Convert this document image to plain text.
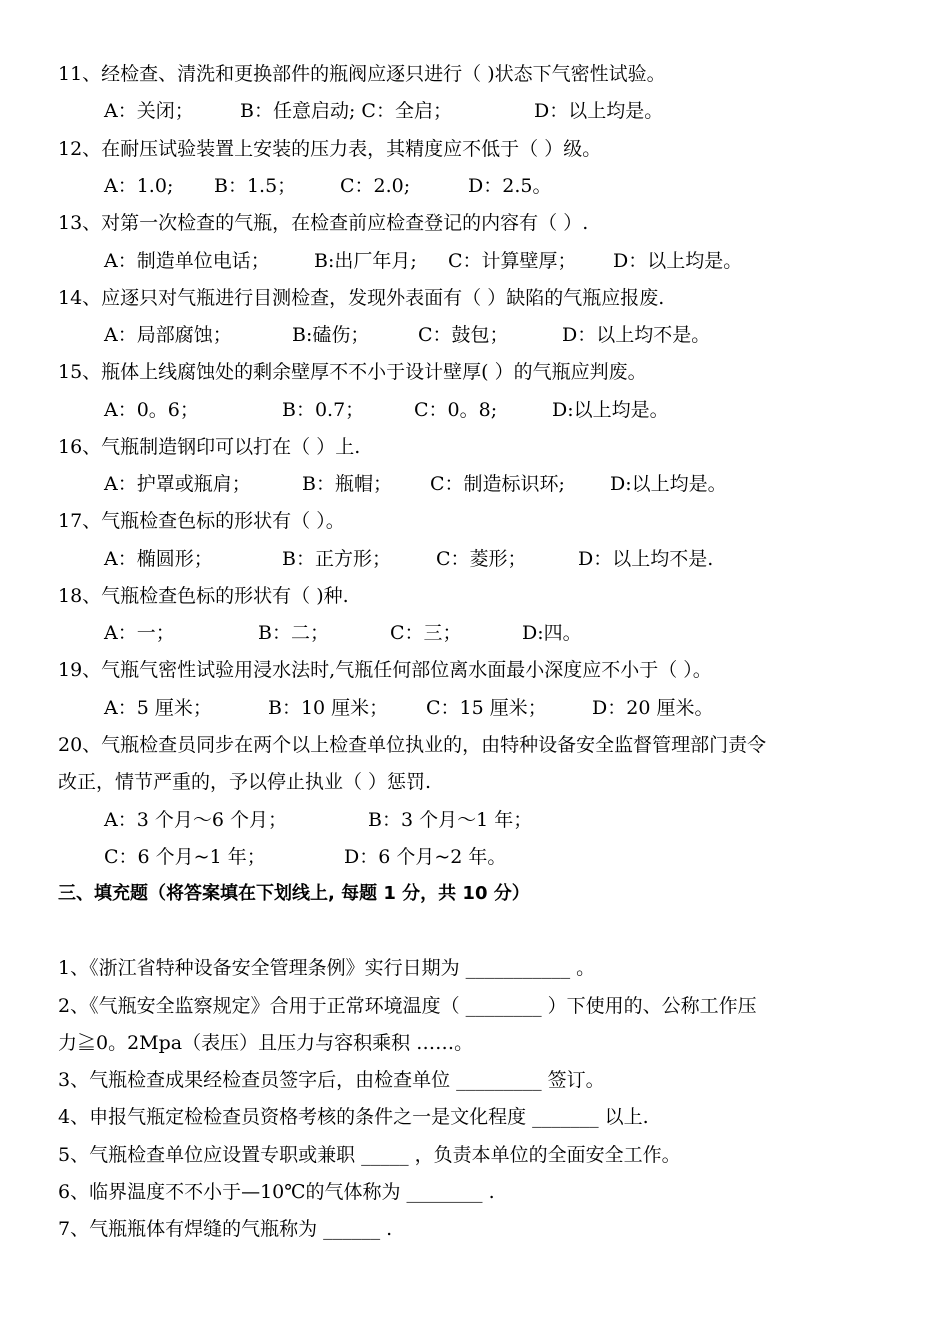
11、经检查、清洗和更换部件的瓶阀应逐只进行（ )状态下气密性试验。
A：关闭； B：任意启动; C：全启；	D：以上均是。
12、在耐压试验装置上安装的压力表，其精度应不低于（ ）级。
A：1.0; B：1.5； C：2.0;	D：2.5。
13、对第一次检查的气瓶，在检查前应检查登记的内容有（ ）.
A：制造单位电话； B:出厂年月; C：计算壁厚； D：以上均是。
14、应逐只对气瓶进行目测检查，发现外表面有（ ）缺陷的气瓶应报废.
A：局部腐蚀；	B:磕伤；	C：鼓包；	D：以上均不是。
15、瓶体上线腐蚀处的剩余壁厚不不小于设计壁厚( ）的气瓶应判废。
A：0。6；	B：0.7；	C：0。8;	D:以上均是。
16、气瓶制造钢印可以打在（ ）上.
A：护罩或瓶肩；	B：瓶帽； C：制造标识环; D:以上均是。
17、气瓶检查色标的形状有（ ）。
A：椭圆形；	B：正方形； C：菱形；	D：以上均不是.
18、气瓶检查色标的形状有（ )种.
A：一；	B：二；	C：三；	D:四。
19、气瓶气密性试验用浸水法时,气瓶任何部位离水面最小深度应不小于（ ）。
A：5 厘米；	B：10 厘米； C：15 厘米； D：20 厘米。
20、气瓶检查员同步在两个以上检查单位执业的，由特种设备安全监督管理部门责令
改正，情节严重的，予以停止执业（ ）惩罚.
A：3 个月～6 个月；	B：3 个月～1 年；
C：6 个月~1 年；	D：6 个月~2 年。
三、填充题（将答案填在下划线上, 每题 1 分，共 10 分）
1、《浙江省特种设备安全管理条例》实行日期为 ___________ 。
2、《气瓶安全监察规定》合用于正常环境温度（ ________ ）下使用的、公称工作压
力≧0。2Mpa（表压）且压力与容积乘积 ……。
3、气瓶检查成果经检查员签字后，由检查单位 _________ 签订。
4、申报气瓶定检检查员资格考核的条件之一是文化程度 _______ 以上.
5、气瓶检查单位应设置专职或兼职 _____ ，负责本单位的全面安全工作。
6、临界温度不不小于—10℃的气体称为 ________ .
7、气瓶瓶体有焊缝的气瓶称为 ______ .
